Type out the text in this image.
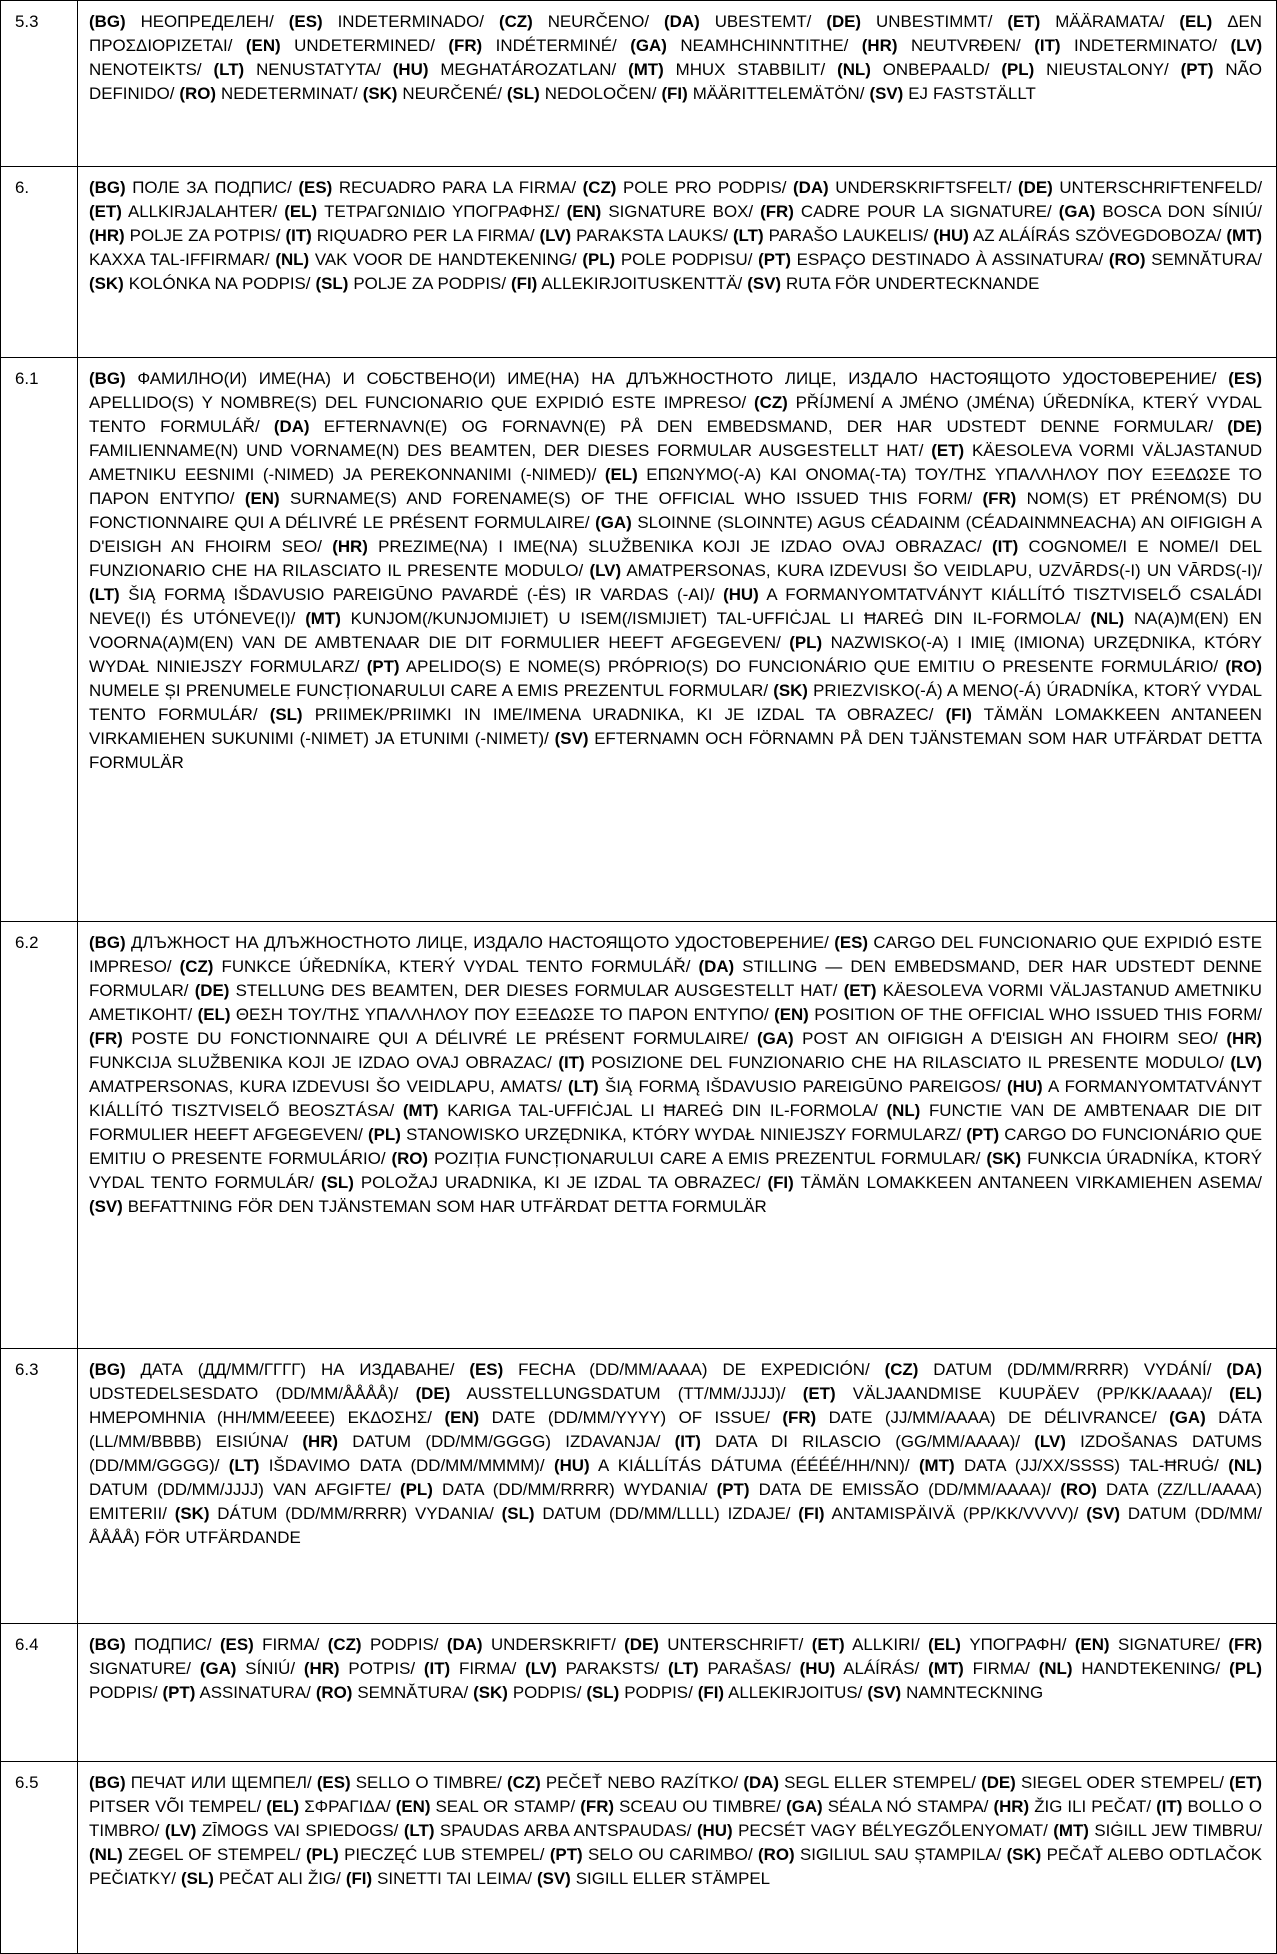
5.3	(BG) НЕОПРЕДЕЛЕН/ (ES) INDETERMINADO/ (CZ) NEURČENO/ (DA) UBESTEMT/ (DE) UNBESTIMMT/ (ET) MÄÄRAMATA/ (EL) ΔΕΝ ΠΡΟΣΔΙΟΡΙΖΕΤΑΙ/ (EN) UNDETERMINED/ (FR) INDÉTERMINÉ/ (GA) NEAMHCHINNTITHE/ (HR) NEUTVRĐEN/ (IT) INDETERMINATO/ (LV) NENOTEIKTS/ (LT) NENUSTATYTA/ (HU) MEGHATÁROZATLAN/ (MT) MHUX STABBILIT/ (NL) ONBEPAALD/ (PL) NIEUSTALONY/ (PT) NÃO DEFINIDO/ (RO) NEDETERMINAT/ (SK) NEURČENÉ/ (SL) NEDOLOČEN/ (FI) MÄÄRITTELEMÄTÖN/ (SV) EJ FASTSTÄLLT
6.	(BG) ПОЛЕ ЗА ПОДПИС/ (ES) RECUADRO PARA LA FIRMA/ (CZ) POLE PRO PODPIS/ (DA) UNDERSKRIFTSFELT/ (DE) UNTERSCHRIFTENFELD/ (ET) ALLKIRJALAHTER/ (EL) ΤΕΤΡΑΓΩΝΙΔΙΟ ΥΠΟΓΡΑΦΗΣ/ (EN) SIGNATURE BOX/ (FR) CADRE POUR LA SIGNATURE/ (GA) BOSCA DON SÍNIÚ/ (HR) POLJE ZA POTPIS/ (IT) RIQUADRO PER LA FIRMA/ (LV) PARAKSTA LAUKS/ (LT) PARAŠO LAUKELIS/ (HU) AZ ALÁÍRÁS SZÖVEGDOBOZA/ (MT) KAXXA TAL-IFFIRMAR/ (NL) VAK VOOR DE HANDTEKENING/ (PL) POLE PODPISU/ (PT) ESPAÇO DESTINADO À ASSINATURA/ (RO) SEMNĂTURA/ (SK) KOLÓNKA NA PODPIS/ (SL) POLJE ZA PODPIS/ (FI) ALLEKIRJOITUSKENTTÄ/ (SV) RUTA FÖR UNDERTECKNANDE
6.1	(BG) ФАМИЛНО(И) ИМЕ(НА) И СОБСТВЕНО(И) ИМЕ(НА) НА ДЛЪЖНОСТНОТО ЛИЦЕ, ИЗДАЛО НАСТОЯЩОТО УДОСТОВЕРЕНИЕ/ (ES) APELLIDO(S) Y NOMBRE(S) DEL FUNCIONARIO QUE EXPIDIÓ ESTE IMPRESO/ (CZ) PŘÍJMENÍ A JMÉNO (JMÉNA) ÚŘEDNÍKA, KTERÝ VYDAL TENTO FORMULÁŘ/ (DA) EFTERNAVN(E) OG FORNAVN(E) PÅ DEN EMBEDSMAND, DER HAR UDSTEDT DENNE FORMULAR/ (DE) FAMILIENNAME(N) UND VORNAME(N) DES BEAMTEN, DER DIESES FORMULAR AUSGESTELLT HAT/ (ET) KÄESOLEVA VORMI VÄLJASTANUD AMETNIKU EESNIMI (-NIMED) JA PEREKONNANIMI (-NIMED)/ (EL) ΕΠΩΝΥΜΟ(-Α) ΚΑΙ ΟΝΟΜΑ(-ΤΑ) ΤΟΥ/ΤΗΣ ΥΠΑΛΛΗΛΟΥ ΠΟΥ ΕΞΕΔΩΣΕ ΤΟ ΠΑΡΟΝ ΕΝΤΥΠΟ/ (EN) SURNAME(S) AND FORENAME(S) OF THE OFFICIAL WHO ISSUED THIS FORM/ (FR) NOM(S) ET PRÉNOM(S) DU FONCTIONNAIRE QUI A DÉLIVRÉ LE PRÉSENT FORMULAIRE/ (GA) SLOINNE (SLOINNTE) AGUS CÉADAINM (CÉADAINMNEACHA) AN OIFIGIGH A D'EISIGH AN FHOIRM SEO/ (HR) PREZIME(NA) I IME(NA) SLUŽBENIKA KOJI JE IZDAO OVAJ OBRAZAC/ (IT) COGNOME/I E NOME/I DEL FUNZIONARIO CHE HA RILASCIATO IL PRESENTE MODULO/ (LV) AMATPERSONAS, KURA IZDEVUSI ŠO VEIDLAPU, UZVĀRDS(-I) UN VĀRDS(-I)/ (LT) ŠIĄ FORMĄ IŠDAVUSIO PAREIGŪNO PAVARDĖ (-ĖS) IR VARDAS (-AI)/ (HU) A FORMANYOMTATVÁNYT KIÁLLÍTÓ TISZTVISELŐ CSALÁDI NEVE(I) ÉS UTÓNEVE(I)/ (MT) KUNJOM(/KUNJOMIJIET) U ISEM(/ISMIJIET) TAL-UFFIĊJAL LI ĦAREĠ DIN IL-FORMOLA/ (NL) NA(A)M(EN) EN VOORNA(A)M(EN) VAN DE AMBTENAAR DIE DIT FORMULIER HEEFT AFGEGEVEN/ (PL) NAZWISKO(-A) I IMIĘ (IMIONA) URZĘDNIKA, KTÓRY WYDAŁ NINIEJSZY FORMULARZ/ (PT) APELIDO(S) E NOME(S) PRÓPRIO(S) DO FUNCIONÁRIO QUE EMITIU O PRESENTE FORMULÁRIO/ (RO) NUMELE ȘI PRENUMELE FUNCȚIONARULUI CARE A EMIS PREZENTUL FORMULAR/ (SK) PRIEZVISKO(-Á) A MENO(-Á) ÚRADNÍKA, KTORÝ VYDAL TENTO FORMULÁR/ (SL) PRIIMEK/PRIIMKI IN IME/IMENA URADNIKA, KI JE IZDAL TA OBRAZEC/ (FI) TÄMÄN LOMAKKEEN ANTANEEN VIRKAMIEHEN SUKUNIMI (-NIMET) JA ETUNIMI (-NIMET)/ (SV) EFTERNAMN OCH FÖRNAMN PÅ DEN TJÄNSTEMAN SOM HAR UTFÄRDAT DETTA FORMULÄR
6.2	(BG) ДЛЪЖНОСТ НА ДЛЪЖНОСТНОТО ЛИЦЕ, ИЗДАЛО НАСТОЯЩОТО УДОСТОВЕРЕНИЕ/ (ES) CARGO DEL FUNCIONARIO QUE EXPIDIÓ ESTE IMPRESO/ (CZ) FUNKCE ÚŘEDNÍKA, KTERÝ VYDAL TENTO FORMULÁŘ/ (DA) STILLING — DEN EMBEDSMAND, DER HAR UDSTEDT DENNE FORMULAR/ (DE) STELLUNG DES BEAMTEN, DER DIESES FORMULAR AUSGESTELLT HAT/ (ET) KÄESOLEVA VORMI VÄLJASTANUD AMETNIKU AMETIKOHT/ (EL) ΘΕΣΗ ΤΟΥ/ΤΗΣ ΥΠΑΛΛΗΛΟΥ ΠΟΥ ΕΞΕΔΩΣΕ ΤΟ ΠΑΡΟΝ ΕΝΤΥΠΟ/ (EN) POSITION OF THE OFFICIAL WHO ISSUED THIS FORM/ (FR) POSTE DU FONCTIONNAIRE QUI A DÉLIVRÉ LE PRÉSENT FORMULAIRE/ (GA) POST AN OIFIGIGH A D'EISIGH AN FHOIRM SEO/ (HR) FUNKCIJA SLUŽBENIKA KOJI JE IZDAO OVAJ OBRAZAC/ (IT) POSIZIONE DEL FUNZIONARIO CHE HA RILASCIATO IL PRESENTE MODULO/ (LV) AMATPERSONAS, KURA IZDEVUSI ŠO VEIDLAPU, AMATS/ (LT) ŠIĄ FORMĄ IŠDAVUSIO PAREIGŪNO PAREIGOS/ (HU) A FORMANYOMTATVÁNYT KIÁLLÍTÓ TISZTVISELŐ BEOSZTÁSA/ (MT) KARIGA TAL-UFFIĊJAL LI ĦAREĠ DIN IL-FORMOLA/ (NL) FUNCTIE VAN DE AMBTENAAR DIE DIT FORMULIER HEEFT AFGEGEVEN/ (PL) STANOWISKO URZĘDNIKA, KTÓRY WYDAŁ NINIEJSZY FORMULARZ/ (PT) CARGO DO FUNCIONÁRIO QUE EMITIU O PRESENTE FORMULÁRIO/ (RO) POZIȚIA FUNCȚIONARULUI CARE A EMIS PREZENTUL FORMULAR/ (SK) FUNKCIA ÚRADNÍKA, KTORÝ VYDAL TENTO FORMULÁR/ (SL) POLOŽAJ URADNIKA, KI JE IZDAL TA OBRAZEC/ (FI) TÄMÄN LOMAKKEEN ANTANEEN VIRKAMIEHEN ASEMA/ (SV) BEFATTNING FÖR DEN TJÄNSTEMAN SOM HAR UTFÄRDAT DETTA FORMULÄR
6.3	(BG) ДАТА (ДД/ММ/ГГГГ) НА ИЗДАВАНЕ/ (ES) FECHA (DD/MM/AAAA) DE EXPEDICIÓN/ (CZ) DATUM (DD/MM/RRRR) VYDÁNÍ/ (DA) UDSTEDELSESDATO (DD/MM/ÅÅÅÅ)/ (DE) AUSSTELLUNGSDATUM (TT/MM/JJJJ)/ (ET) VÄLJAANDMISE KUUPÄEV (PP/KK/AAAA)/ (EL) ΗΜΕΡΟΜΗΝΙΑ (ΗΗ/ΜΜ/ΕΕΕΕ) ΕΚΔΟΣΗΣ/ (EN) DATE (DD/MM/YYYY) OF ISSUE/ (FR) DATE (JJ/MM/AAAA) DE DÉLIVRANCE/ (GA) DÁTA (LL/MM/BBBB) EISIÚNA/ (HR) DATUM (DD/MM/GGGG) IZDAVANJA/ (IT) DATA DI RILASCIO (GG/MM/AAAA)/ (LV) IZDOŠANAS DATUMS (DD/MM/GGGG)/ (LT) IŠDAVIMO DATA (DD/MM/MMMM)/ (HU) A KIÁLLÍTÁS DÁTUMA (ÉÉÉÉ/HH/NN)/ (MT) DATA (JJ/XX/SSSS) TAL-ĦRUĠ/ (NL) DATUM (DD/MM/JJJJ) VAN AFGIFTE/ (PL) DATA (DD/MM/RRRR) WYDANIA/ (PT) DATA DE EMISSÃO (DD/MM/AAAA)/ (RO) DATA (ZZ/LL/AAAA) EMITERII/ (SK) DÁTUM (DD/MM/RRRR) VYDANIA/ (SL) DATUM (DD/MM/LLLL) IZDAJE/ (FI) ANTAMISPÄIVÄ (PP/KK/VVVV)/ (SV) DATUM (DD/MM/ÅÅÅÅ) FÖR UTFÄRDANDE
6.4	(BG) ПОДПИС/ (ES) FIRMA/ (CZ) PODPIS/ (DA) UNDERSKRIFT/ (DE) UNTERSCHRIFT/ (ET) ALLKIRI/ (EL) ΥΠΟΓΡΑΦΗ/ (EN) SIGNATURE/ (FR) SIGNATURE/ (GA) SÍNIÚ/ (HR) POTPIS/ (IT) FIRMA/ (LV) PARAKSTS/ (LT) PARAŠAS/ (HU) ALÁÍRÁS/ (MT) FIRMA/ (NL) HANDTEKENING/ (PL) PODPIS/ (PT) ASSINATURA/ (RO) SEMNĂTURA/ (SK) PODPIS/ (SL) PODPIS/ (FI) ALLEKIRJOITUS/ (SV) NAMNTECKNING
6.5	(BG) ПЕЧАТ ИЛИ ЩЕМПЕЛ/ (ES) SELLO O TIMBRE/ (CZ) PEČEŤ NEBO RAZÍTKO/ (DA) SEGL ELLER STEMPEL/ (DE) SIEGEL ODER STEMPEL/ (ET) PITSER VÕI TEMPEL/ (EL) ΣΦΡΑΓΙΔΑ/ (EN) SEAL OR STAMP/ (FR) SCEAU OU TIMBRE/ (GA) SÉALA NÓ STAMPA/ (HR) ŽIG ILI PEČAT/ (IT) BOLLO O TIMBRO/ (LV) ZĪMOGS VAI SPIEDOGS/ (LT) SPAUDAS ARBA ANTSPAUDAS/ (HU) PECSÉT VAGY BÉLYEGZŐLENYOMAT/ (MT) SIĠILL JEW TIMBRU/ (NL) ZEGEL OF STEMPEL/ (PL) PIECZĘĆ LUB STEMPEL/ (PT) SELO OU CARIMBO/ (RO) SIGILIUL SAU ȘTAMPILA/ (SK) PEČAŤ ALEBO ODTLAČOK PEČIATKY/ (SL) PEČAT ALI ŽIG/ (FI) SINETTI TAI LEIMA/ (SV) SIGILL ELLER STÄMPEL
